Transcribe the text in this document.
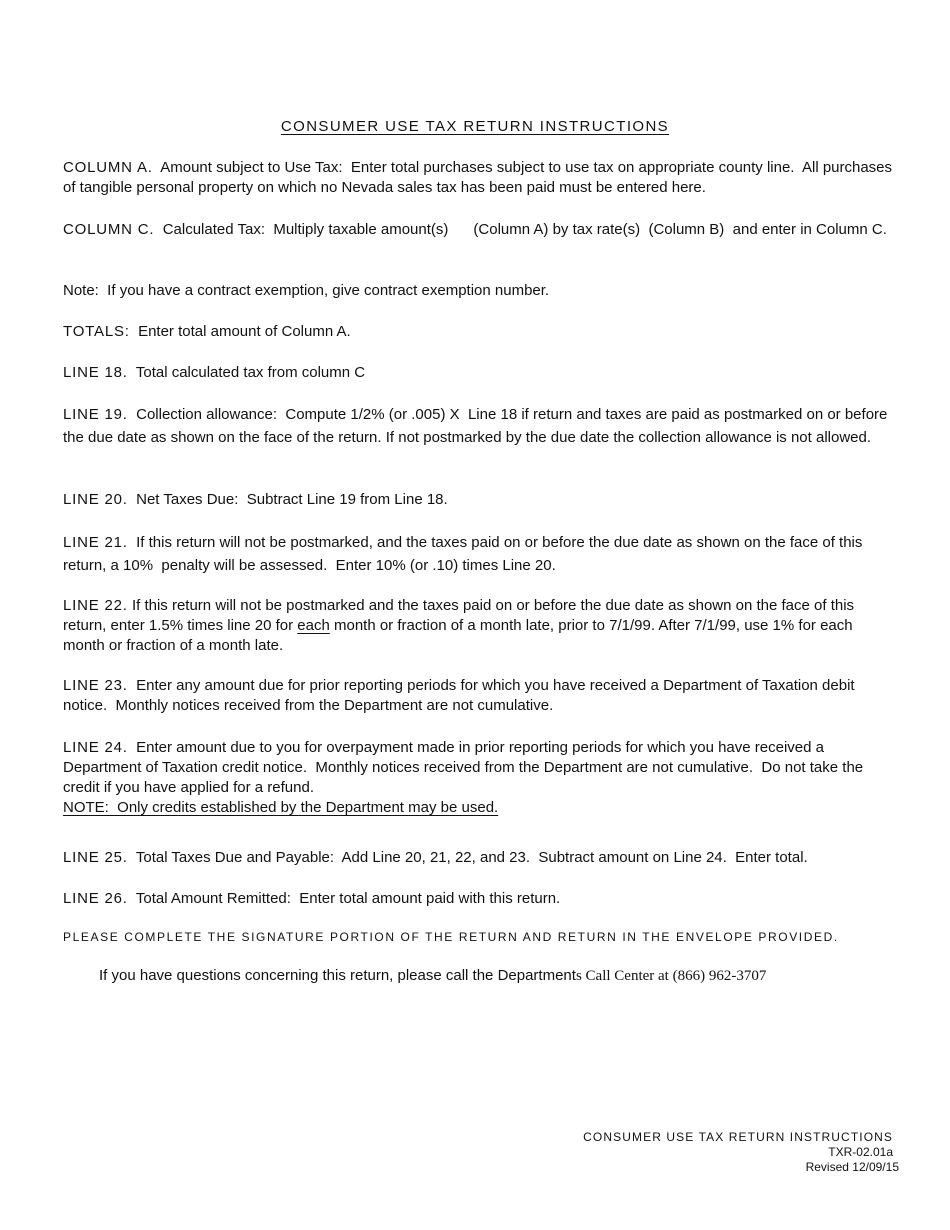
CONSUMER USE TAX RETURN INSTRUCTIONS

COLUMN A.  Amount subject to Use Tax:  Enter total purchases subject to use tax on appropriate county line.  All purchases of tangible personal property on which no Nevada sales tax has been paid must be entered here.

COLUMN C.  Calculated Tax:  Multiply taxable amount(s)      (Column A) by tax rate(s)  (Column B)  and enter in Column C.

Note:  If you have a contract exemption, give contract exemption number.

TOTALS:  Enter total amount of Column A.

LINE 18.  Total calculated tax from column C

LINE 19.  Collection allowance:  Compute 1/2% (or .005) X  Line 18 if return and taxes are paid as postmarked on or before the due date as shown on the face of the return. If not postmarked by the due date the collection allowance is not allowed.

LINE 20.  Net Taxes Due:  Subtract Line 19 from Line 18.

LINE 21.  If this return will not be postmarked, and the taxes paid on or before the due date as shown on the face of this return, a 10%  penalty will be assessed.  Enter 10% (or .10) times Line 20.

LINE 22. If this return will not be postmarked and the taxes paid on or before the due date as shown on the face of this return, enter 1.5% times line 20 for each month or fraction of a month late, prior to 7/1/99. After 7/1/99, use 1% for each month or fraction of a month late.

LINE 23.  Enter any amount due for prior reporting periods for which you have received a Department of Taxation debit notice.  Monthly notices received from the Department are not cumulative.

LINE 24.  Enter amount due to you for overpayment made in prior reporting periods for which you have received a Department of Taxation credit notice.  Monthly notices received from the Department are not cumulative.  Do not take the credit if you have applied for a refund.
NOTE:  Only credits established by the Department may be used.

LINE 25.  Total Taxes Due and Payable:  Add Line 20, 21, 22, and 23.  Subtract amount on Line 24.  Enter total.

LINE 26.  Total Amount Remitted:  Enter total amount paid with this return.

PLEASE COMPLETE THE SIGNATURE PORTION OF THE RETURN AND RETURN IN THE ENVELOPE PROVIDED.

If you have questions concerning this return, please call the Departments Call Center at (866) 962-3707

CONSUMER USE TAX RETURN INSTRUCTIONS
TXR-02.01a
Revised 12/09/15
